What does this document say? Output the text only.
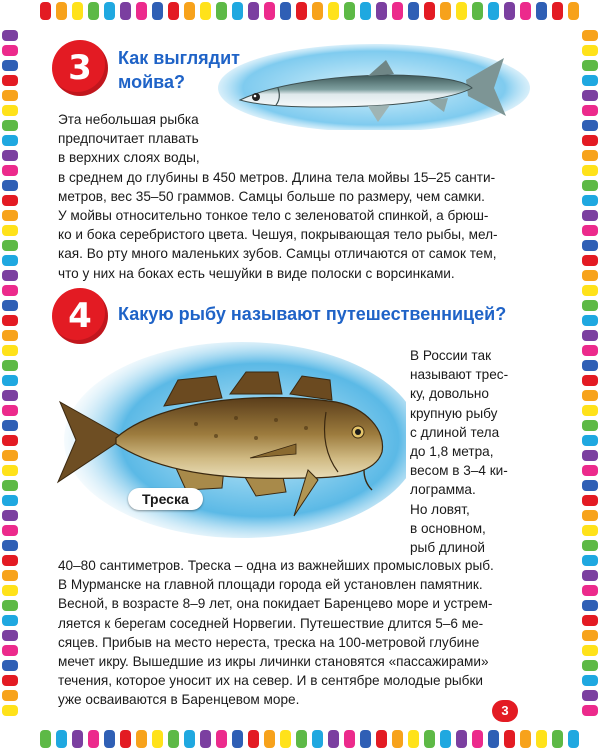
3	Как выглядит
мойва?

Эта небольшая рыбка
предпочитает плавать
в верхних слоях воды,
в среднем до глубины в 450 метров. Длина тела мойвы 15–25 санти-
метров, вес 35–50 граммов. Самцы больше по размеру, чем самки.
У мойвы относительно тонкое тело с зеленоватой спинкой, а брюш-
ко и бока серебристого цвета. Чешуя, покрывающая тело рыбы, мел-
кая. Во рту много маленьких зубов. Самцы отличаются от самок тем,
что у них на боках есть чешуйки в виде полоски с ворсинками.

4	Какую рыбу называют путешественницей?
Треска

В России так
называют трес-
ку, довольно
крупную рыбу
с длиной тела
до 1,8 метра,
весом в 3–4 ки-
лограмма.
Но ловят,
в основном,
рыб длиной

40–80 сантиметров. Треска – одна из важнейших промысловых рыб.
В Мурманске на главной площади города ей установлен памятник.
Весной, в возрасте 8–9 лет, она покидает Баренцево море и устрем-
ляется к берегам соседней Норвегии. Путешествие длится 5–6 ме-
сяцев. Прибыв на место нереста, треска на 100-метровой глубине
мечет икру. Вышедшие из икры личинки становятся «пассажирами»
течения, которое уносит их на север. И в сентябре молодые рыбки
уже осваиваются в Баренцевом море.

3
